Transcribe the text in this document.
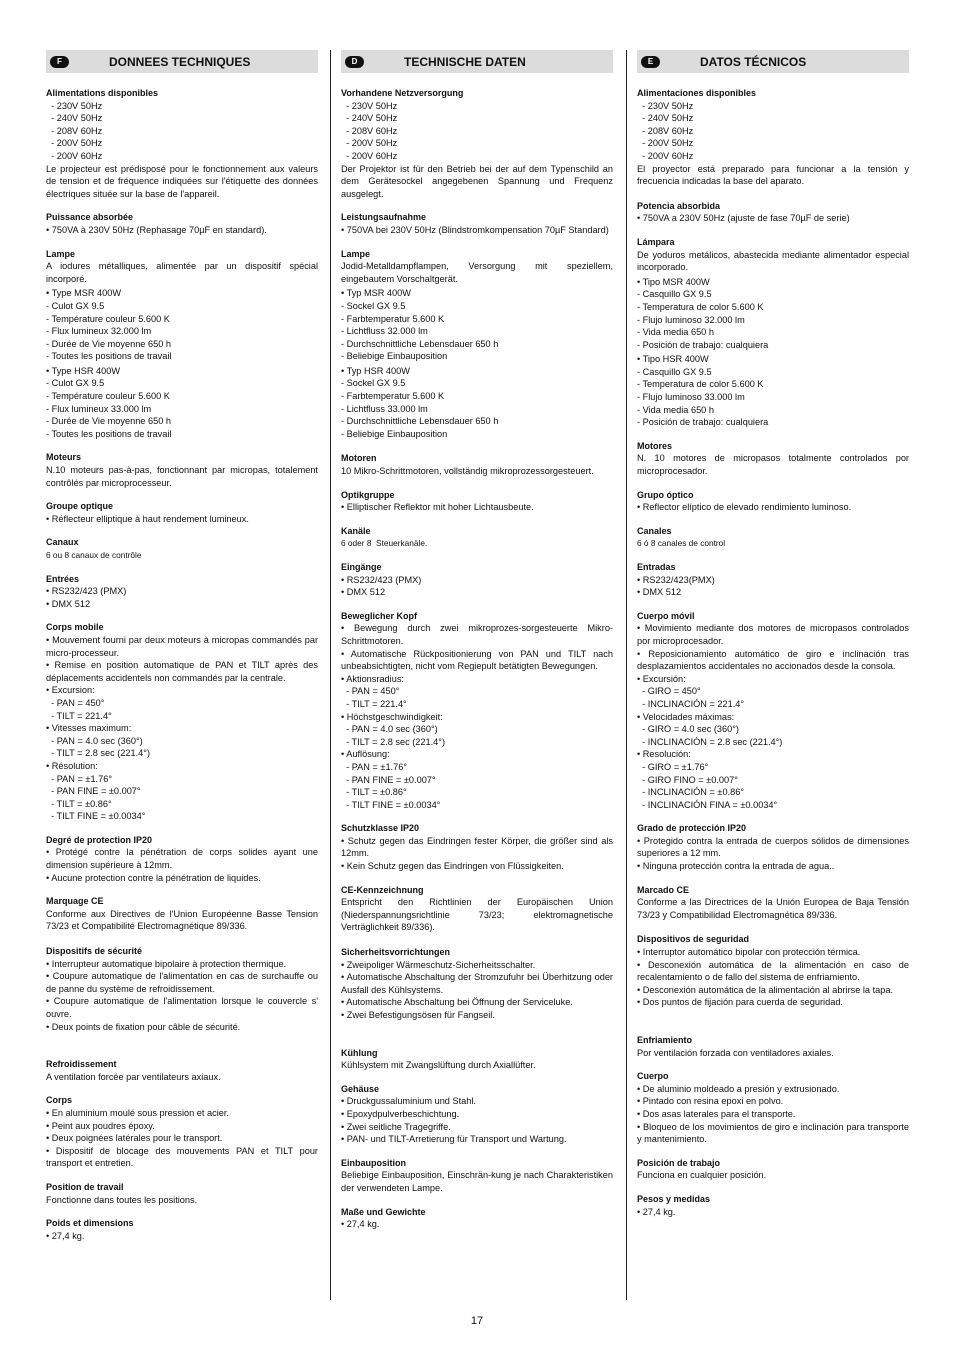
F	DONNEES TECHNIQUES
Alimentations disponibles
- 230V 50Hz
- 240V 50Hz
- 208V 60Hz
- 200V 50Hz
- 200V 60Hz
Le projecteur est prédisposé pour le fonctionnement aux valeurs de tension et de fréquence indiquées sur l'étiquette des données électriques située sur la base de l'appareil.
Puissance absorbée
• 750VA à 230V 50Hz (Rephasage 70µF en standard).
Lampe
A iodures métalliques, alimentée par un dispositif spécial incorporé.
• Type MSR 400W
- Culot GX 9.5
- Température couleur 5.600 K
- Flux lumineux 32.000 lm
- Durée de Vie moyenne 650 h
- Toutes les positions de travail
• Type HSR 400W
- Culot GX 9.5
- Température couleur 5.600 K
- Flux lumineux 33.000 lm
- Durée de Vie moyenne 650 h
- Toutes les positions de travail
Moteurs
N.10 moteurs pas-à-pas, fonctionnant par micropas, totalement contrôlés par microprocesseur.
Groupe optique
• Réflecteur elliptique à haut rendement lumineux.
Canaux
6 ou 8 canaux de contrôle
Entrées
• RS232/423 (PMX)
• DMX 512
Corps mobile
• Mouvement fourni par deux moteurs à micropas commandés par micro-processeur.
• Remise en position automatique de PAN et TILT après des déplacements accidentels non commandés par la centrale.
• Excursion:
- PAN = 450°
- TILT = 221.4°
• Vitesses maximum:
- PAN = 4.0 sec (360°)
- TILT = 2.8 sec (221.4°)
• Résolution:
- PAN = ±1.76°
- PAN FINE = ±0.007°
- TILT = ±0.86°
- TILT FINE = ±0.0034°
Degré de protection IP20
• Protégé contre la pénétration de corps solides ayant une dimension supérieure à 12mm.
• Aucune protection contre la pénétration de liquides.
Marquage CE
Conforme aux Directives de l'Union Européenne Basse Tension 73/23 et Compatibilité Electromagnétique 89/336.
Dispositifs de sécurité
• Interrupteur automatique bipolaire à protection thermique.
• Coupure automatique de l'alimentation en cas de surchauffe ou de panne du système de refroidissement.
• Coupure automatique de l'alimentation lorsque le couvercle s' ouvre.
• Deux points de fixation pour câble de sécurité.
Refroidissement
A ventilation forcée par ventilateurs axiaux.
Corps
• En aluminium moulé sous pression et acier.
• Peint aux poudres époxy.
• Deux poignées latérales pour le transport.
• Dispositif de blocage des mouvements PAN et TILT pour transport et entretien.
Position de travail
Fonctionne dans toutes les positions.
Poids et dimensions
• 27,4 kg.
D	TECHNISCHE DATEN
Vorhandene Netzversorgung
- 230V 50Hz
- 240V 50Hz
- 208V 60Hz
- 200V 50Hz
- 200V 60Hz
Der Projektor ist für den Betrieb bei der auf dem Typenschild an dem Gerätesockel angegebenen Spannung und Frequenz ausgelegt.
Leistungsaufnahme
• 750VA bei 230V 50Hz (Blindstromkompensation 70µF Standard)
Lampe
Jodid-Metalldampflampen, Versorgung mit speziellem, eingebautem Vorschaltgerät.
• Typ MSR 400W
- Sockel GX 9.5
- Farbtemperatur 5.600 K
- Lichtfluss 32.000 lm
- Durchschnittliche Lebensdauer 650 h
- Beliebige Einbauposition
• Typ HSR 400W
- Sockel GX 9.5
- Farbtemperatur 5.600 K
- Lichtfluss 33.000 lm
- Durchschnittliche Lebensdauer 650 h
- Beliebige Einbauposition
Motoren
10 Mikro-Schrittmotoren, vollständig mikroprozessorgesteuert.
Optikgruppe
• Elliptischer Reflektor mit hoher Lichtausbeute.
Kanäle
6 oder 8  Steuerkanäle.
Eingänge
• RS232/423 (PMX)
• DMX 512
Beweglicher Kopf
• Bewegung durch zwei mikroprozes-sorgesteuerte Mikro-Schrittmotoren.
• Automatische Rückpositionierung von PAN und TILT nach unbeabsichtigten, nicht vom Regiepult betätigten Bewegungen.
• Aktionsradius:
- PAN = 450°
- TILT = 221.4°
• Höchstgeschwindigkeit:
- PAN = 4.0 sec (360°)
- TILT = 2.8 sec (221.4°)
• Auflösung:
- PAN = ±1.76°
- PAN FINE = ±0.007°
- TILT = ±0.86°
- TILT FINE = ±0.0034°
Schutzklasse IP20
• Schutz gegen das Eindringen fester Körper, die größer sind als 12mm.
• Kein Schutz gegen das Eindringen von Flüssigkeiten.
CE-Kennzeichnung
Entspricht den Richtlinien der Europäischen Union (Niederspannungsrichtlinie 73/23; elektromagnetische Verträglichkeit 89/336).
Sicherheitsvorrichtungen
• Zweipoliger Wärmeschutz-Sicherheitsschalter.
• Automatische Abschaltung der Stromzufuhr bei Überhitzung oder Ausfall des Kühlsystems.
• Automatische Abschaltung bei Öffnung der Serviceluke.
• Zwei Befestigungsösen für Fangseil.
Kühlung
Kühlsystem mit Zwangslüftung durch Axiallüfter.
Gehäuse
• Druckgussaluminium und Stahl.
• Epoxydpulverbeschichtung.
• Zwei seitliche Tragegriffe.
• PAN- und TILT-Arretierung für Transport und Wartung.
Einbauposition
Beliebige Einbauposition, Einschrän-kung je nach Charakteristiken der verwendeten Lampe.
Maße und Gewichte
• 27,4 kg.
E	DATOS TÉCNICOS
Alimentaciones disponibles
- 230V 50Hz
- 240V 50Hz
- 208V 60Hz
- 200V 50Hz
- 200V 60Hz
El proyector está preparado para funcionar a la tensión y frecuencia indicadas la base del aparato.
Potencia absorbida
• 750VA a 230V 50Hz (ajuste de fase 70µF de serie)
Lámpara
De yoduros metálicos, abastecida mediante alimentador especial incorporado.
• Tipo MSR 400W
- Casquillo GX 9.5
- Temperatura de color 5.600 K
- Flujo luminoso 32.000 lm
- Vida media 650 h
- Posición de trabajo: cualquiera
• Tipo HSR 400W
- Casquillo GX 9.5
- Temperatura de color 5.600 K
- Flujo luminoso 33.000 lm
- Vida media 650 h
- Posición de trabajo: cualquiera
Motores
N. 10 motores de micropasos totalmente controlados por microprocesador.
Grupo óptico
• Reflector elíptico de elevado rendimiento luminoso.
Canales
6 ó 8 canales de control
Entradas
• RS232/423(PMX)
• DMX 512
Cuerpo móvil
• Movimiento mediante dos motores de micropasos controlados por microprocesador.
• Reposicionamiento automático de giro e inclinación tras desplazamientos accidentales no accionados desde la consola.
• Excursión:
- GIRO = 450°
- INCLINACIÓN = 221.4°
• Velocidades máximas:
- GIRO = 4.0 sec (360°)
- INCLINACIÓN = 2.8 sec (221.4°)
• Resolución:
- GIRO = ±1.76°
- GIRO FINO = ±0.007°
- INCLINACIÓN = ±0.86°
- INCLINACIÓN FINA = ±0.0034°
Grado de protección IP20
• Protegido contra la entrada de cuerpos sólidos de dimensiones superiores a 12 mm.
• Ninguna protección contra la entrada de agua..
Marcado CE
Conforme a las Directrices de la Unión Europea de Baja Tensión 73/23 y Compatibilidad Electromagnética 89/336.
Dispositivos de seguridad
• Interruptor automático bipolar con protección térmica.
• Desconexión automática de la alimentación en caso de recalentamiento o de fallo del sistema de enfriamiento.
• Desconexión automática de la alimentación al abrirse la tapa.
• Dos puntos de fijación para cuerda de seguridad.
Enfriamiento
Por ventilación forzada con ventiladores axiales.
Cuerpo
• De aluminio moldeado a presión y extrusionado.
• Pintado con resina epoxi en polvo.
• Dos asas laterales para el transporte.
• Bloqueo de los movimientos de giro e inclinación para transporte y mantenimiento.
Posición de trabajo
Funciona en cualquier posición.
Pesos y medidas
• 27,4 kg.
17
